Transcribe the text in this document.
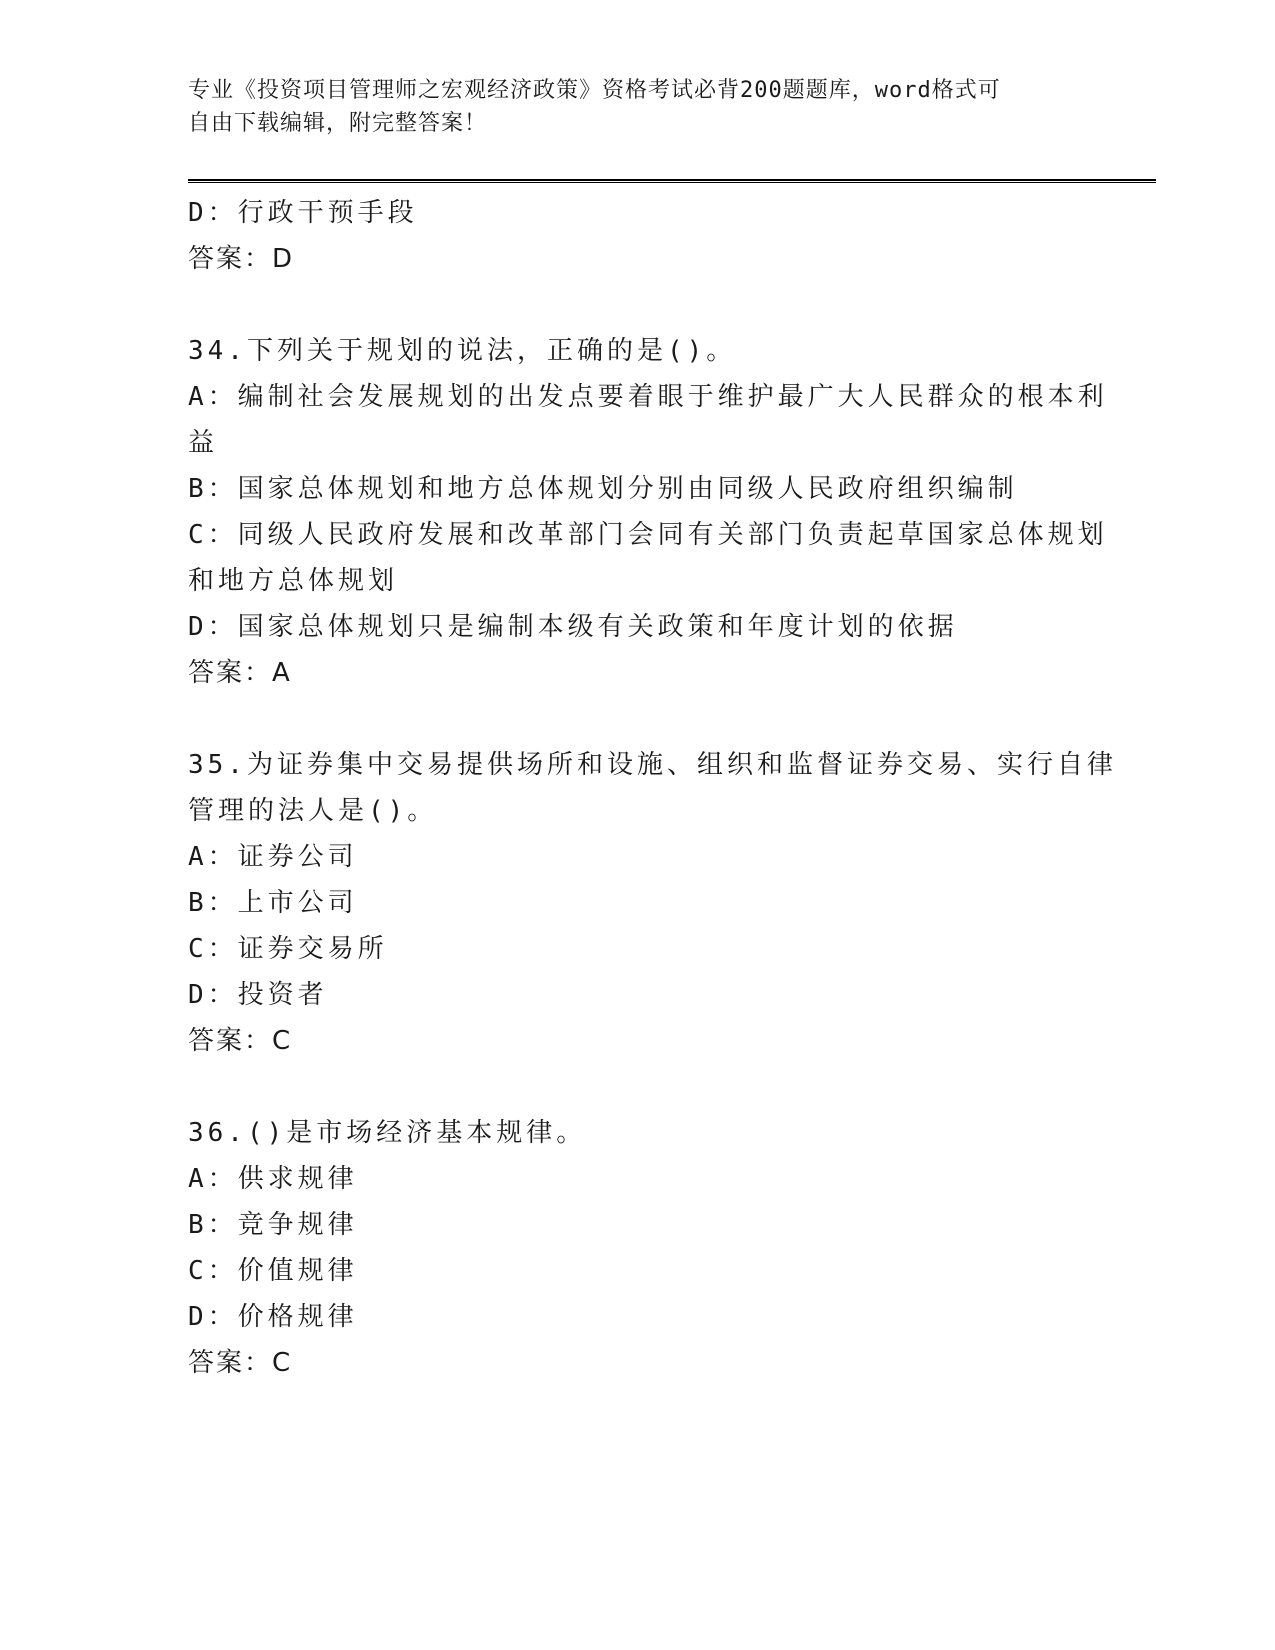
专业《投资项目管理师之宏观经济政策》资格考试必背200题题库，word格式可
自由下载编辑，附完整答案！
D：行政干预手段
答案：D
34.下列关于规划的说法，正确的是()。
A：编制社会发展规划的出发点要着眼于维护最广大人民群众的根本利
益
B：国家总体规划和地方总体规划分别由同级人民政府组织编制
C：同级人民政府发展和改革部门会同有关部门负责起草国家总体规划
和地方总体规划
D：国家总体规划只是编制本级有关政策和年度计划的依据
答案：A
35.为证券集中交易提供场所和设施、组织和监督证券交易、实行自律
管理的法人是()。
A：证券公司
B：上市公司
C：证券交易所
D：投资者
答案：C
36.()是市场经济基本规律。
A：供求规律
B：竞争规律
C：价值规律
D：价格规律
答案：C
